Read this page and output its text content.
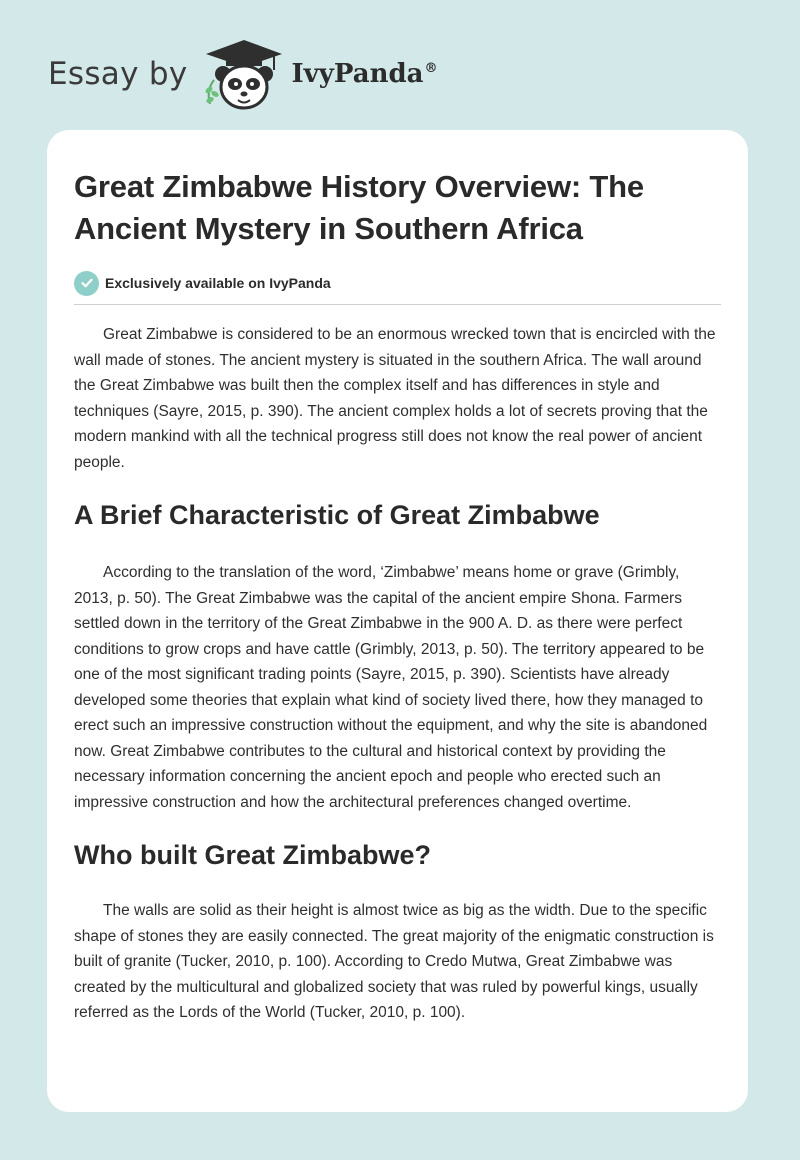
Essay by	IvyPanda®
Great Zimbabwe History Overview: The Ancient Mystery in Southern Africa
Exclusively available on IvyPanda

Great Zimbabwe is considered to be an enormous wrecked town that is encircled with the wall made of stones. The ancient mystery is situated in the southern Africa. The wall around the Great Zimbabwe was built then the complex itself and has differences in style and techniques (Sayre, 2015, p. 390). The ancient complex holds a lot of secrets proving that the modern mankind with all the technical progress still does not know the real power of ancient people.

A Brief Characteristic of Great Zimbabwe

According to the translation of the word, ‘Zimbabwe’ means home or grave (Grimbly, 2013, p. 50). The Great Zimbabwe was the capital of the ancient empire Shona. Farmers settled down in the territory of the Great Zimbabwe in the 900 A. D. as there were perfect conditions to grow crops and have cattle (Grimbly, 2013, p. 50). The territory appeared to be one of the most significant trading points (Sayre, 2015, p. 390). Scientists have already developed some theories that explain what kind of society lived there, how they managed to erect such an impressive construction without the equipment, and why the site is abandoned now. Great Zimbabwe contributes to the cultural and historical context by providing the necessary information concerning the ancient epoch and people who erected such an impressive construction and how the architectural preferences changed overtime.

Who built Great Zimbabwe?

The walls are solid as their height is almost twice as big as the width. Due to the specific shape of stones they are easily connected. The great majority of the enigmatic construction is built of granite (Tucker, 2010, p. 100). According to Credo Mutwa, Great Zimbabwe was created by the multicultural and globalized society that was ruled by powerful kings, usually referred as the Lords of the World (Tucker, 2010, p. 100).
